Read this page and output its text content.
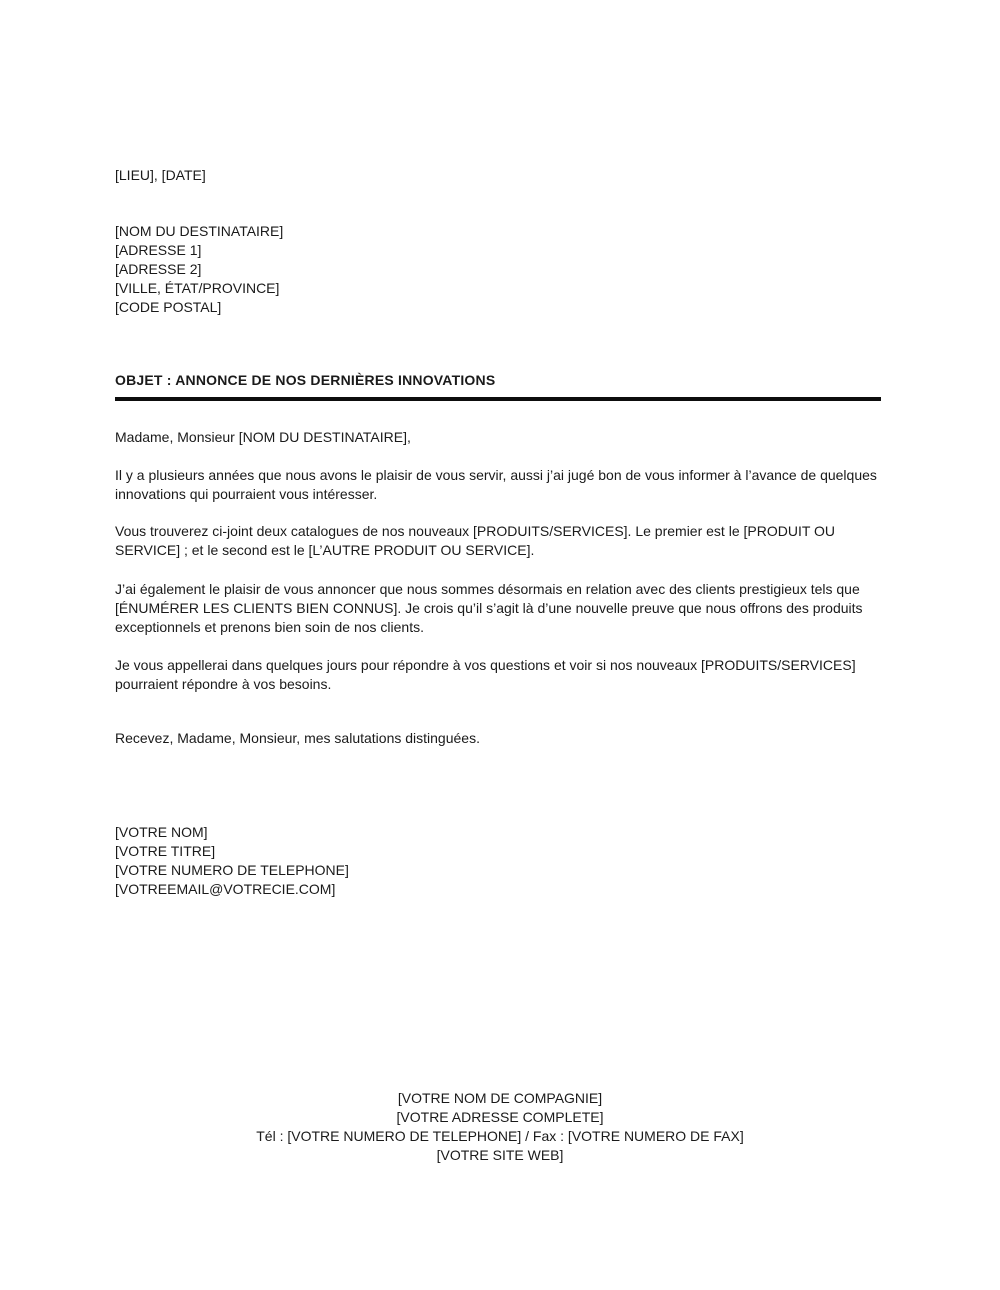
[LIEU], [DATE]
[NOM DU DESTINATAIRE]
[ADRESSE 1]
[ADRESSE 2]
[VILLE, ÉTAT/PROVINCE]
[CODE POSTAL]
OBJET : ANNONCE DE NOS DERNIÈRES INNOVATIONS
Madame, Monsieur [NOM DU DESTINATAIRE],

Il y a plusieurs années que nous avons le plaisir de vous servir, aussi j’ai jugé bon de vous informer à l’avance de quelques innovations qui pourraient vous intéresser.

Vous trouverez ci-joint deux catalogues de nos nouveaux [PRODUITS/SERVICES]. Le premier est le [PRODUIT OU SERVICE] ; et le second est le [L’AUTRE PRODUIT OU SERVICE].

J’ai également le plaisir de vous annoncer que nous sommes désormais en relation avec des clients prestigieux tels que [ÉNUMÉRER LES CLIENTS BIEN CONNUS]. Je crois qu’il s’agit là d’une nouvelle preuve que nous offrons des produits exceptionnels et prenons bien soin de nos clients.

Je vous appellerai dans quelques jours pour répondre à vos questions et voir si nos nouveaux [PRODUITS/SERVICES] pourraient répondre à vos besoins.

Recevez, Madame, Monsieur, mes salutations distinguées.
[VOTRE NOM]
[VOTRE TITRE]
[VOTRE NUMERO DE TELEPHONE]
[VOTREEMAIL@VOTRECIE.COM]
[VOTRE NOM DE COMPAGNIE]
[VOTRE ADRESSE COMPLETE]
Tél : [VOTRE NUMERO DE TELEPHONE] / Fax : [VOTRE NUMERO DE FAX]
[VOTRE SITE WEB]
